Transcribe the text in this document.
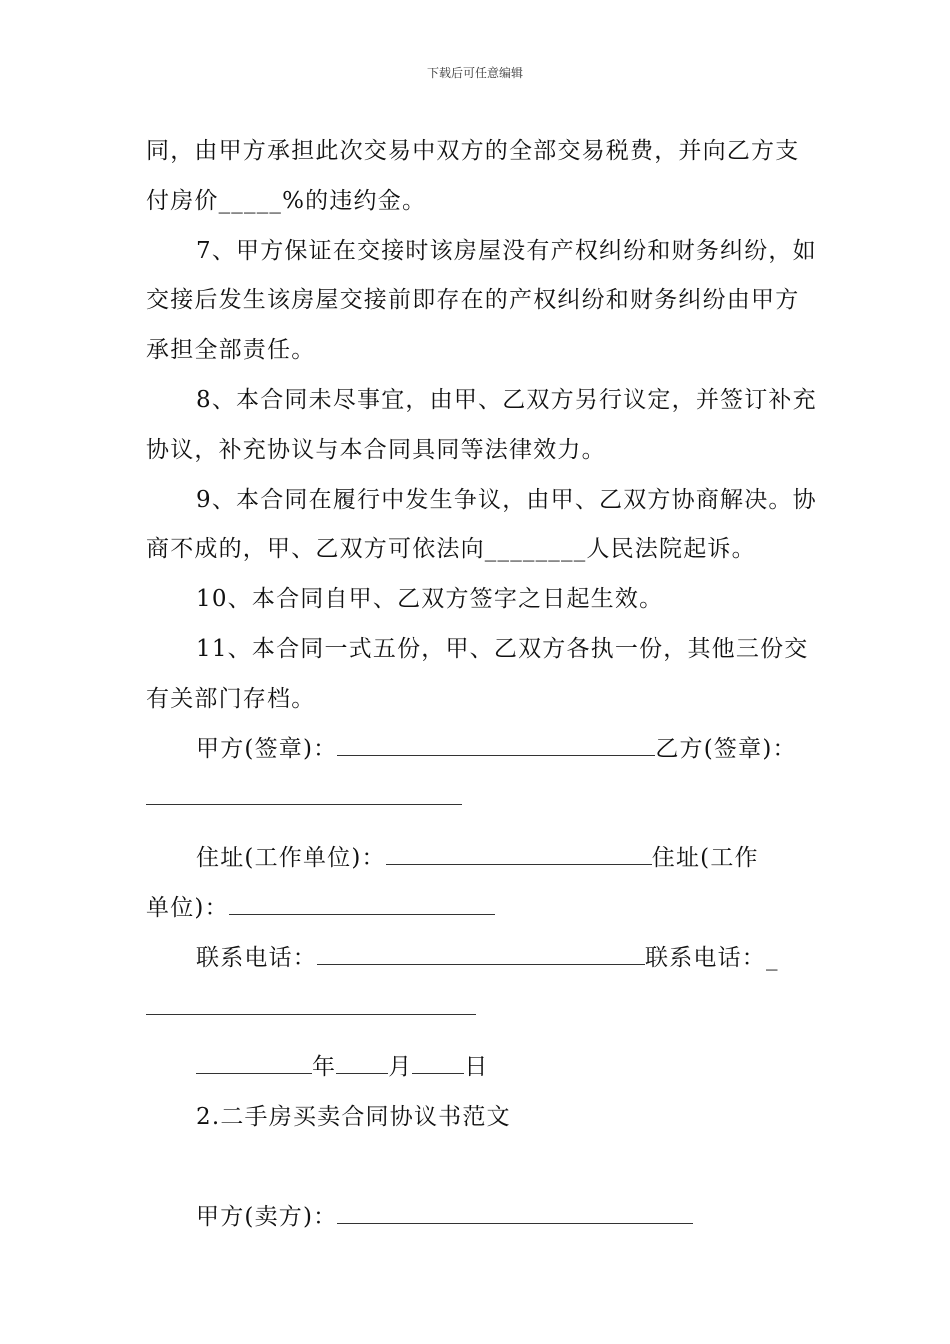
下载后可任意编辑

同，由甲方承担此次交易中双方的全部交易税费，并向乙方支付房价_____%的违约金。

7、甲方保证在交接时该房屋没有产权纠纷和财务纠纷，如交接后发生该房屋交接前即存在的产权纠纷和财务纠纷由甲方承担全部责任。

8、本合同未尽事宜，由甲、乙双方另行议定，并签订补充协议，补充协议与本合同具同等法律效力。

9、本合同在履行中发生争议，由甲、乙双方协商解决。协商不成的，甲、乙双方可依法向________人民法院起诉。

10、本合同自甲、乙双方签字之日起生效。

11、本合同一式五份，甲、乙双方各执一份，其他三份交有关部门存档。

甲方(签章)：	乙方(签章)：

住址(工作单位)：	住址(工作

单位)：

联系电话：	联系电话：_

年 月 日

2.二手房买卖合同协议书范文

甲方(卖方)：
